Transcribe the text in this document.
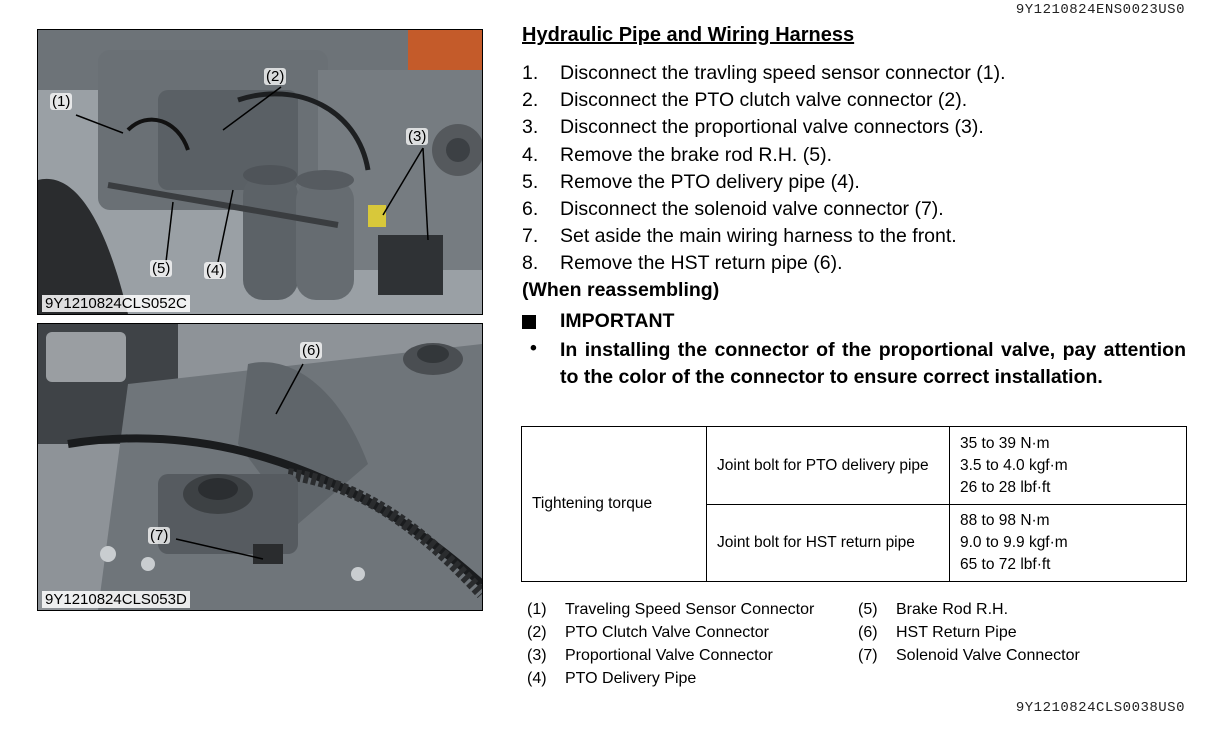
9Y1210824ENS0023US0
(1)
(2)
(3)
(4)
(5)
9Y1210824CLS052C
(6)
(7)
9Y1210824CLS053D
Hydraulic Pipe and Wiring Harness
1.	Disconnect the travling speed sensor connector (1).
2.	Disconnect the PTO clutch valve connector (2).
3.	Disconnect the proportional valve connectors (3).
4.	Remove the brake rod R.H. (5).
5.	Remove the PTO delivery pipe (4).
6.	Disconnect the solenoid valve connector (7).
7.	Set aside the main wiring harness to the front.
8.	Remove the HST return pipe (6).
(When reassembling)
IMPORTANT
• In installing the connector of the proportional valve, pay attention to the color of the connector to ensure correct installation.
Tightening torque	Joint bolt for PTO delivery pipe	35 to 39 N·m
3.5 to 4.0 kgf·m
26 to 28 lbf·ft

	Joint bolt for HST return pipe	88 to 98 N·m
9.0 to 9.9 kgf·m
65 to 72 lbf·ft
(1)	Traveling Speed Sensor Connector
(2)	PTO Clutch Valve Connector
(3)	Proportional Valve Connector
(4)	PTO Delivery Pipe
(5)	Brake Rod R.H.
(6)	HST Return Pipe
(7)	Solenoid Valve Connector
9Y1210824CLS0038US0
